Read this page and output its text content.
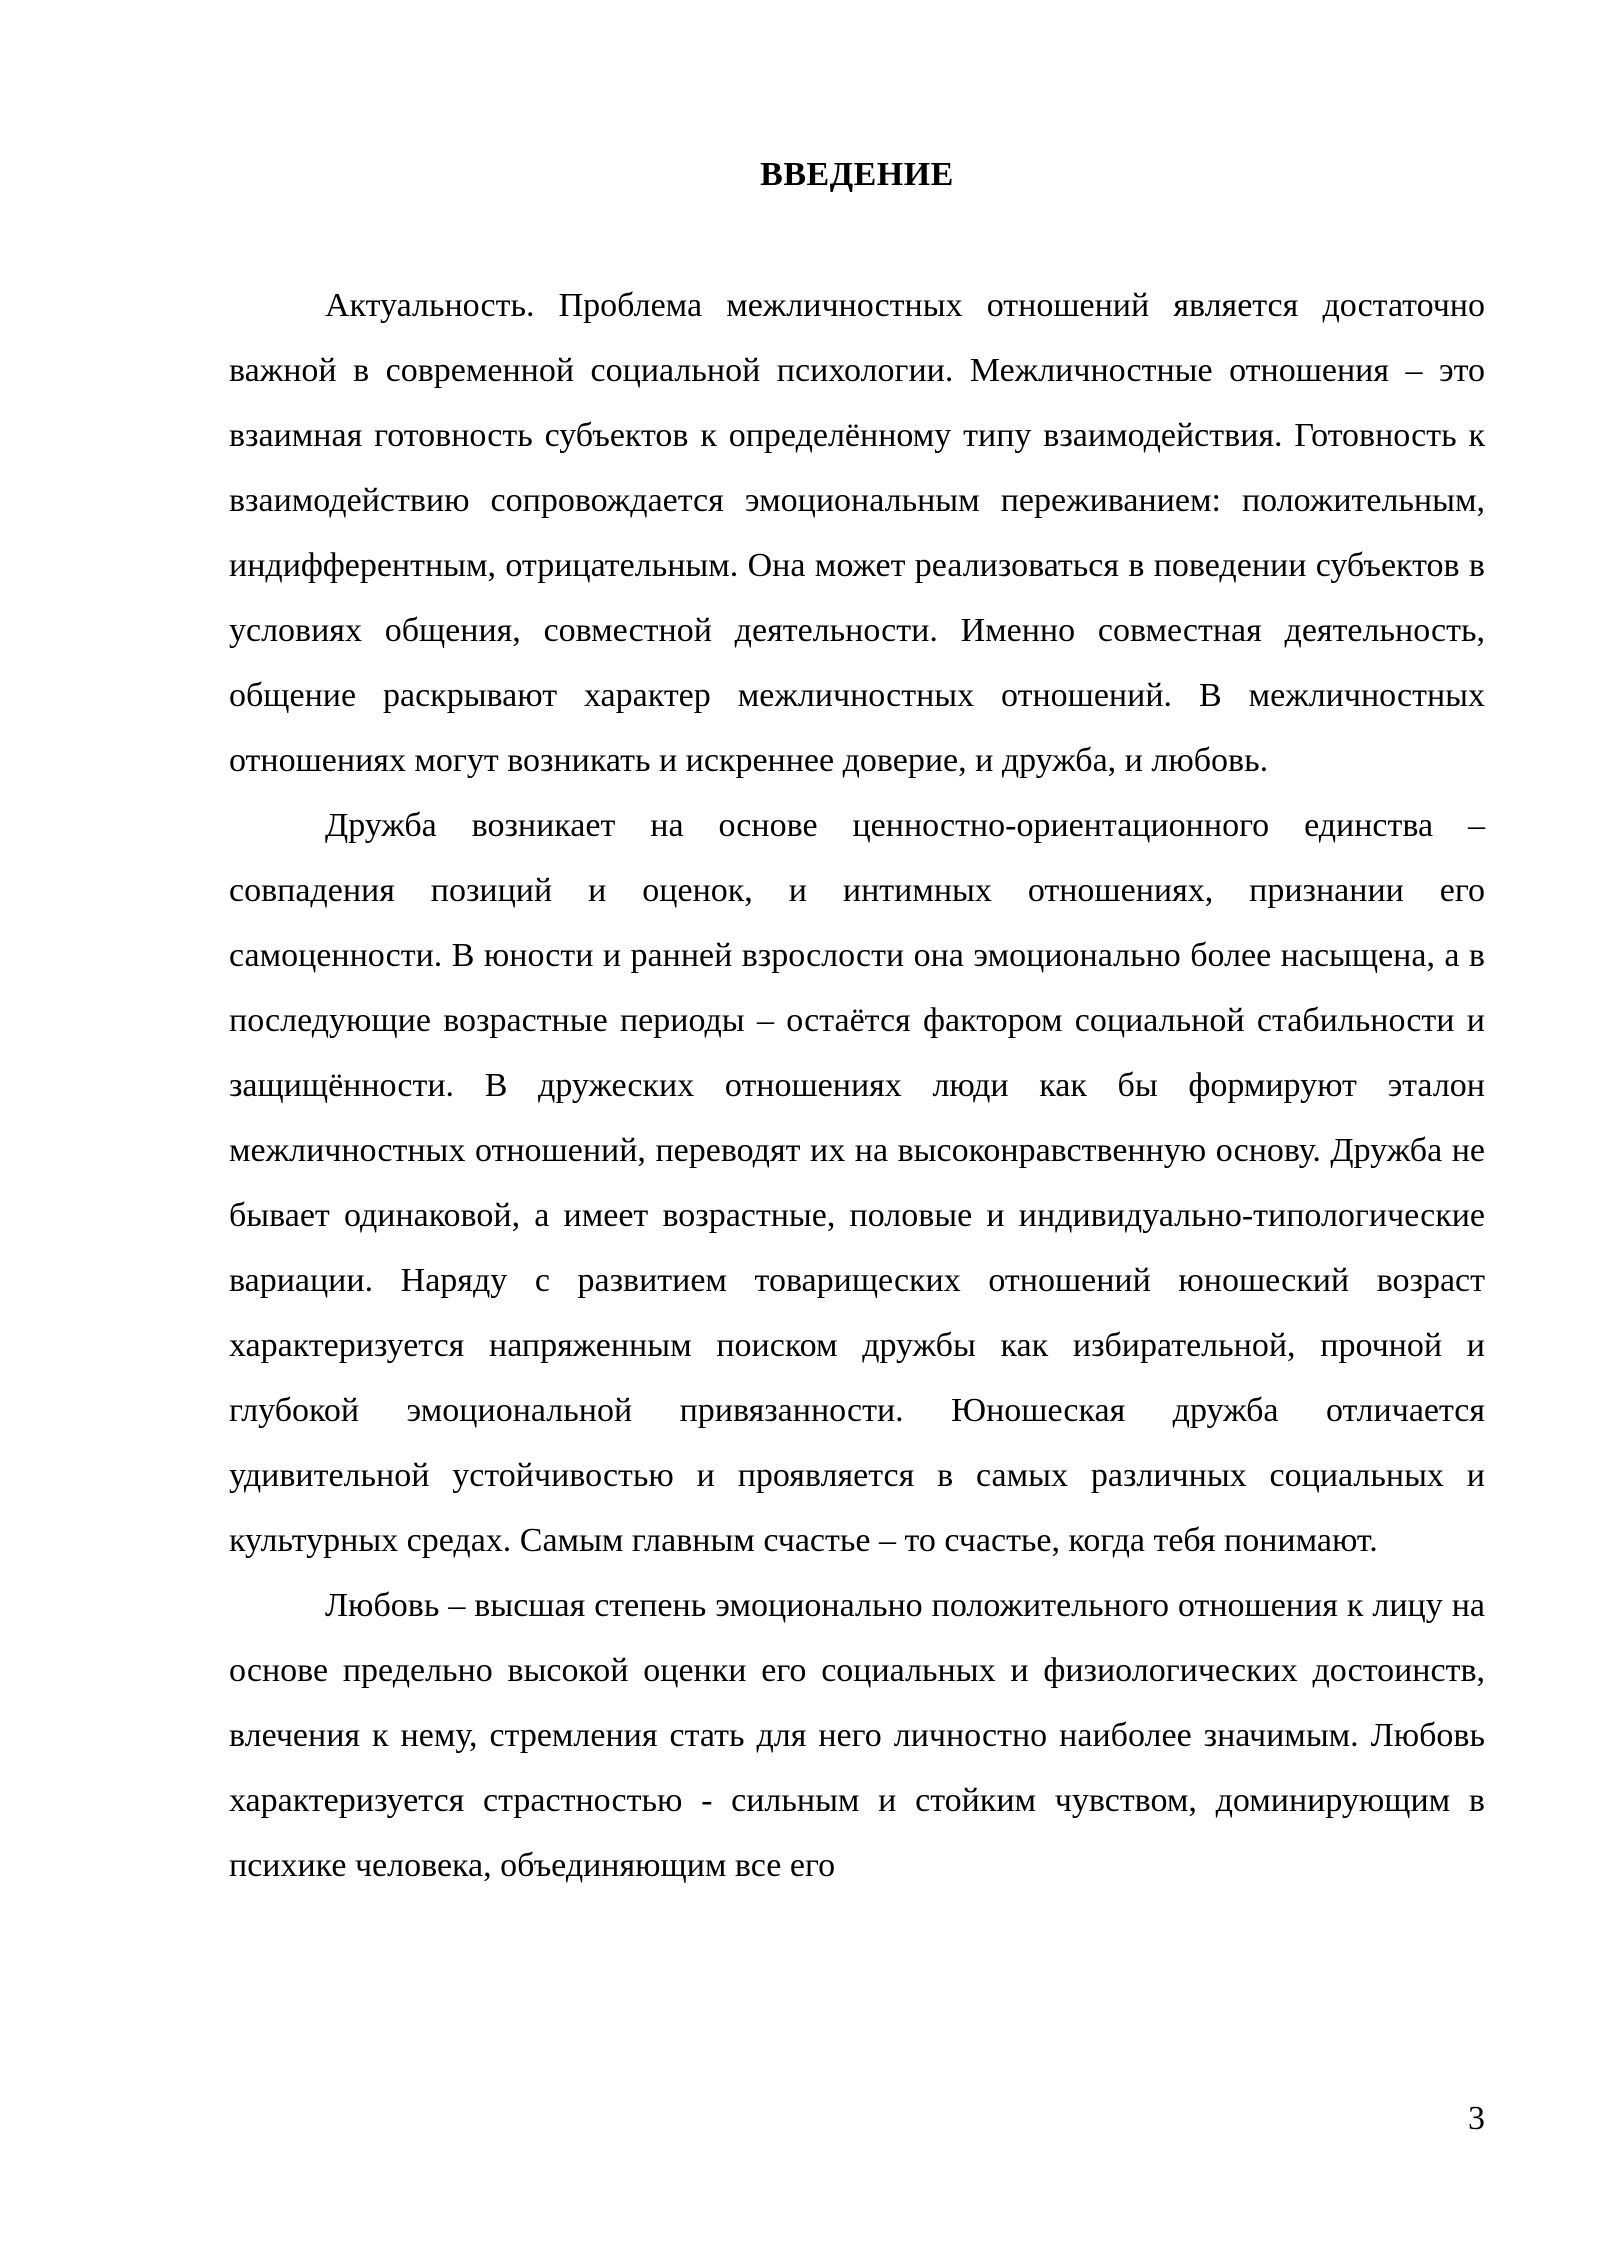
ВВЕДЕНИЕ

Актуальность. Проблема межличностных отношений является достаточно важной в современной социальной психологии. Межличностные отношения – это взаимная готовность субъектов к определённому типу взаимодействия. Готовность к взаимодействию сопровождается эмоциональным переживанием: положительным, индифферентным, отрицательным. Она может реализоваться в поведении субъектов в условиях общения, совместной деятельности. Именно совместная деятельность, общение раскрывают характер межличностных отношений. В межличностных отношениях могут возникать и искреннее доверие, и дружба, и любовь.

Дружба возникает на основе ценностно-ориентационного единства – совпадения позиций и оценок, и интимных отношениях, признании его самоценности. В юности и ранней взрослости она эмоционально более насыщена, а в последующие возрастные периоды – остаётся фактором социальной стабильности и защищённости. В дружеских отношениях люди как бы формируют эталон межличностных отношений, переводят их на высоконравственную основу. Дружба не бывает одинаковой, а имеет возрастные, половые и индивидуально-типологические вариации. Наряду с развитием товарищеских отношений юношеский возраст характеризуется напряженным поиском дружбы как избирательной, прочной и глубокой эмоциональной привязанности. Юношеская дружба отличается удивительной устойчивостью и проявляется в самых различных социальных и культурных средах. Самым главным счастье – то счастье, когда тебя понимают.

Любовь – высшая степень эмоционально положительного отношения к лицу на основе предельно высокой оценки его социальных и физиологических достоинств, влечения к нему, стремления стать для него личностно наиболее значимым. Любовь характеризуется страстностью - сильным и стойким чувством, доминирующим в психике человека, объединяющим все его

3
